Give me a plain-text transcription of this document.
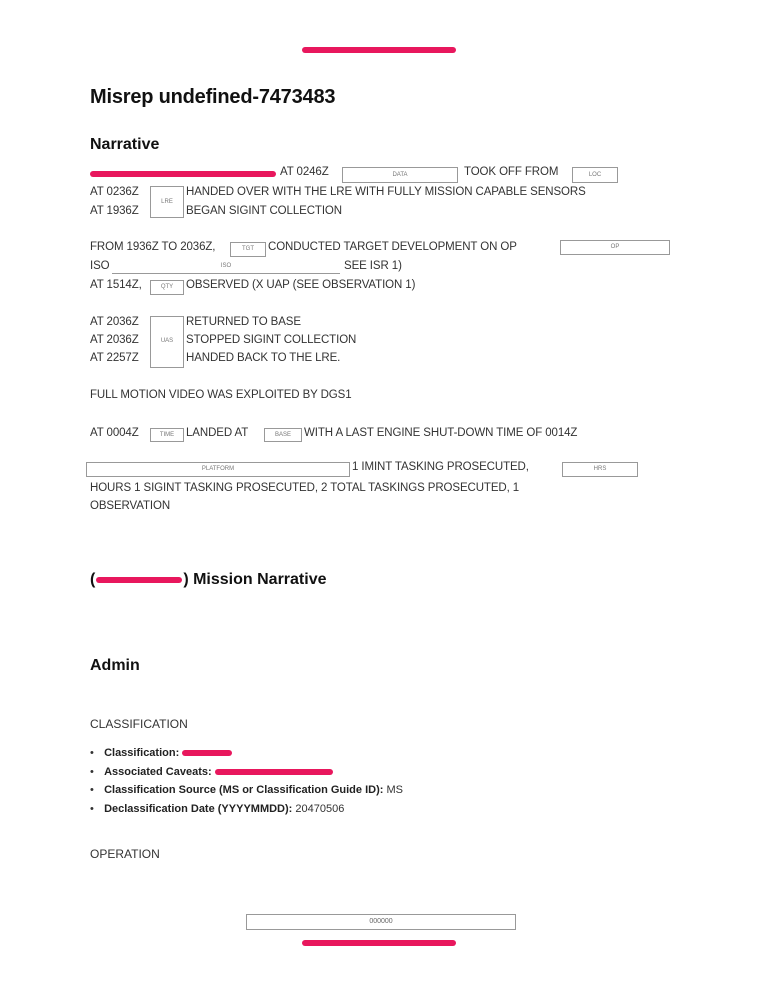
Misrep undefined-7473483
Narrative
AT 0246Z	DATA	TOOK OFF FROM	LOC
AT 0236Z
LRE
HANDED OVER WITH THE LRE WITH FULLY MISSION CAPABLE SENSORS
AT 1936Z	BEGAN SIGINT COLLECTION
FROM 1936Z TO 2036Z,	TGT	CONDUCTED TARGET DEVELOPMENT ON OP	OP
ISO	ISO	SEE ISR 1)
AT 1514Z,	QTY	OBSERVED (X UAP (SEE OBSERVATION 1)
AT 2036Z	RETURNED TO BASE
AT 2036Z	STOPPED SIGINT COLLECTION
AT 2257Z	HANDED BACK TO THE LRE.
UAS
FULL MOTION VIDEO WAS EXPLOITED BY DGS1
AT 0004Z	TIME	LANDED AT	BASE	WITH A LAST ENGINE SHUT-DOWN TIME OF 0014Z
PLATFORM	1 IMINT TASKING PROSECUTED,	HRS
HOURS 1 SIGINT TASKING PROSECUTED, 2 TOTAL TASKINGS PROSECUTED, 1
OBSERVATION
(	) Mission Narrative
Admin
CLASSIFICATION
• Classification:
• Associated Caveats:
• Classification Source (MS or Classification Guide ID): MS
• Declassification Date (YYYYMMDD): 20470506
OPERATION
000000
